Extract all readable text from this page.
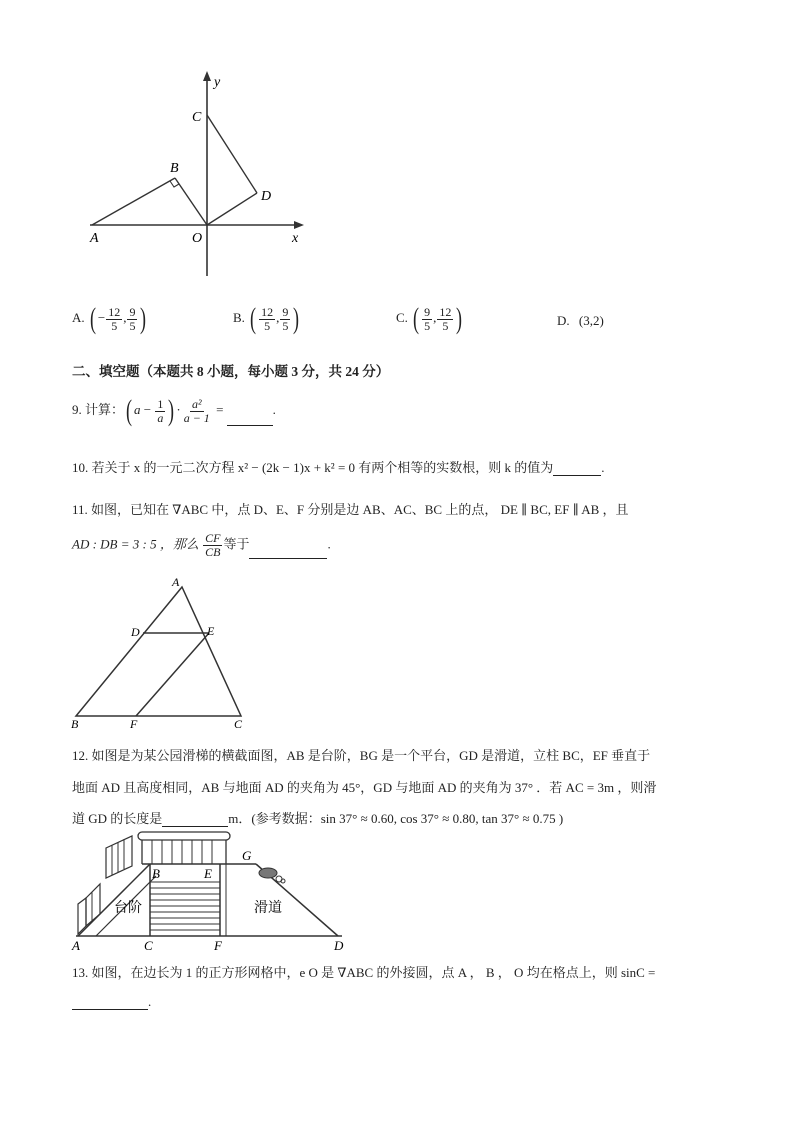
y
x
A
B
C
D
O
A. ( − $\frac{12}{5}$ , $\frac{9}{5}$ )	B. ( $\frac{12}{5}$ , $\frac{9}{5}$ )	C. ( $\frac{9}{5}$ , $\frac{12}{5}$ )	D. (3,2)
二、填空题（本题共 8 小题，每小题 3 分，共 24 分）
9. 计算：( $a - \frac{1}{a}$ ) · $\frac{\text{a²}}{a - 1}$ =	.
10. 若关于 x 的一元二次方程 x² − (2k − 1)x + k² = 0 有两个相等的实数根，则 k 的值为	.
11. 如图，已知在 ∇ABC 中，点 D、E、F 分别是边 AB、AC、BC 上的点， DE ∥ BC, EF ∥ AB ，且
AD : DB = 3 : 5 ，那么 $\frac{CF}{CB}$ 等于	.
A
D	E
B	F	C
12. 如图是为某公园滑梯的横截面图，AB 是台阶，BG 是一个平台，GD 是滑道，立柱 BC，EF 垂直于
地面 AD 且高度相同，AB 与地面 AD 的夹角为 45°，GD 与地面 AD 的夹角为 37° ．若 AC = 3m ，则滑
道 GD 的长度是	m．(参考数据：sin 37° ≈ 0.60, cos 37° ≈ 0.80, tan 37° ≈ 0.75 )
G
B	E
台阶	滑道
A	C	F	D
13. 如图，在边长为 1 的正方形网格中，e O 是 ∇ABC 的外接圆，点 A ， B ， O 均在格点上，则 sinC =
.
